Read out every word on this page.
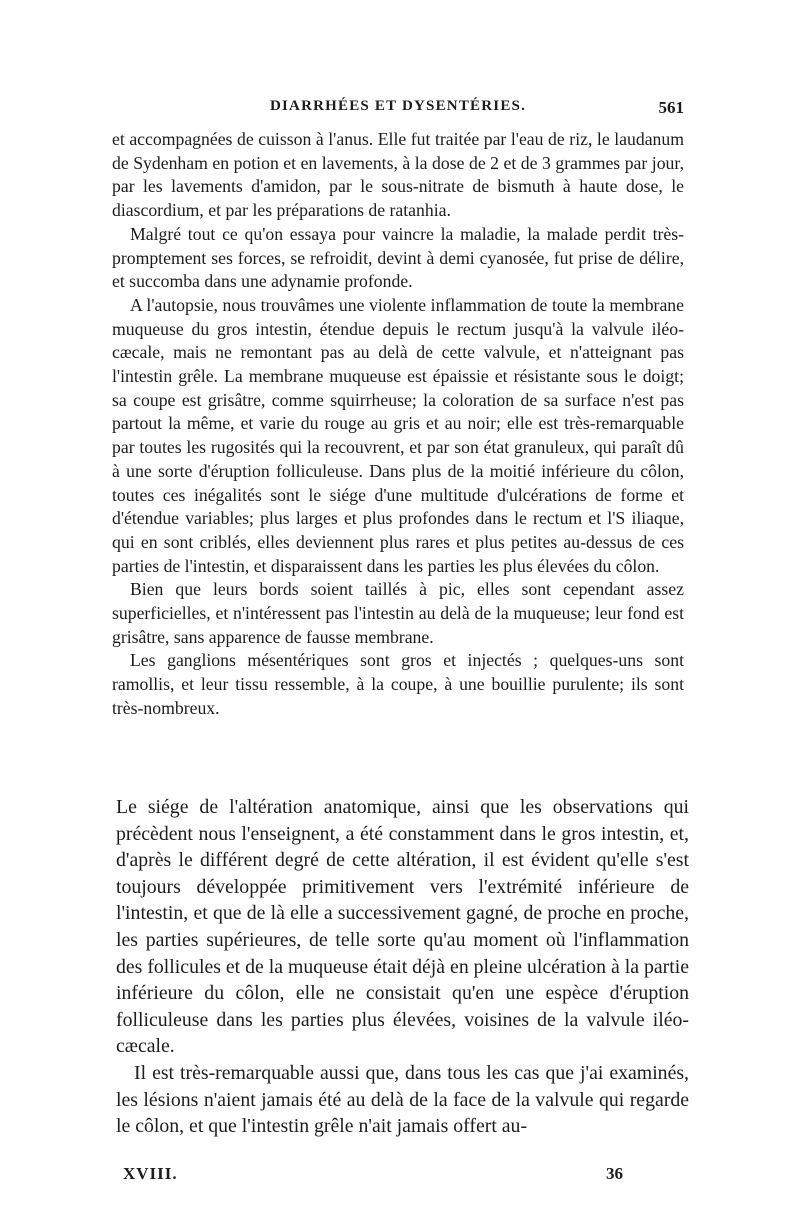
DIARRHÉES ET DYSENTÉRIES.	561

et accompagnées de cuisson à l'anus. Elle fut traitée par l'eau de riz, le laudanum de Sydenham en potion et en lavements, à la dose de 2 et de 3 grammes par jour, par les lavements d'amidon, par le sous-nitrate de bismuth à haute dose, le diascordium, et par les préparations de ratanhia.

Malgré tout ce qu'on essaya pour vaincre la maladie, la malade perdit très-promptement ses forces, se refroidit, devint à demi cyanosée, fut prise de délire, et succomba dans une adynamie profonde.

A l'autopsie, nous trouvâmes une violente inflammation de toute la membrane muqueuse du gros intestin, étendue depuis le rectum jusqu'à la valvule iléo-cæcale, mais ne remontant pas au delà de cette valvule, et n'atteignant pas l'intestin grêle. La membrane muqueuse est épaissie et résistante sous le doigt; sa coupe est grisâtre, comme squirrheuse; la coloration de sa surface n'est pas partout la même, et varie du rouge au gris et au noir; elle est très-remarquable par toutes les rugosités qui la recouvrent, et par son état granuleux, qui paraît dû à une sorte d'éruption folliculeuse. Dans plus de la moitié inférieure du côlon, toutes ces inégalités sont le siége d'une multitude d'ulcérations de forme et d'étendue variables; plus larges et plus profondes dans le rectum et l'S iliaque, qui en sont criblés, elles deviennent plus rares et plus petites au-dessus de ces parties de l'intestin, et disparaissent dans les parties les plus élevées du côlon.

Bien que leurs bords soient taillés à pic, elles sont cependant assez superficielles, et n'intéressent pas l'intestin au delà de la muqueuse; leur fond est grisâtre, sans apparence de fausse membrane.

Les ganglions mésentériques sont gros et injectés ; quelques-uns sont ramollis, et leur tissu ressemble, à la coupe, à une bouillie purulente; ils sont très-nombreux.

Le siége de l'altération anatomique, ainsi que les observations qui précèdent nous l'enseignent, a été constamment dans le gros intestin, et, d'après le différent degré de cette altération, il est évident qu'elle s'est toujours développée primitivement vers l'extrémité inférieure de l'intestin, et que de là elle a successivement gagné, de proche en proche, les parties supérieures, de telle sorte qu'au moment où l'inflammation des follicules et de la muqueuse était déjà en pleine ulcération à la partie inférieure du côlon, elle ne consistait qu'en une espèce d'éruption folliculeuse dans les parties plus élevées, voisines de la valvule iléo-cæcale.

Il est très-remarquable aussi que, dans tous les cas que j'ai examinés, les lésions n'aient jamais été au delà de la face de la valvule qui regarde le côlon, et que l'intestin grêle n'ait jamais offert au-

XVIII.	36
